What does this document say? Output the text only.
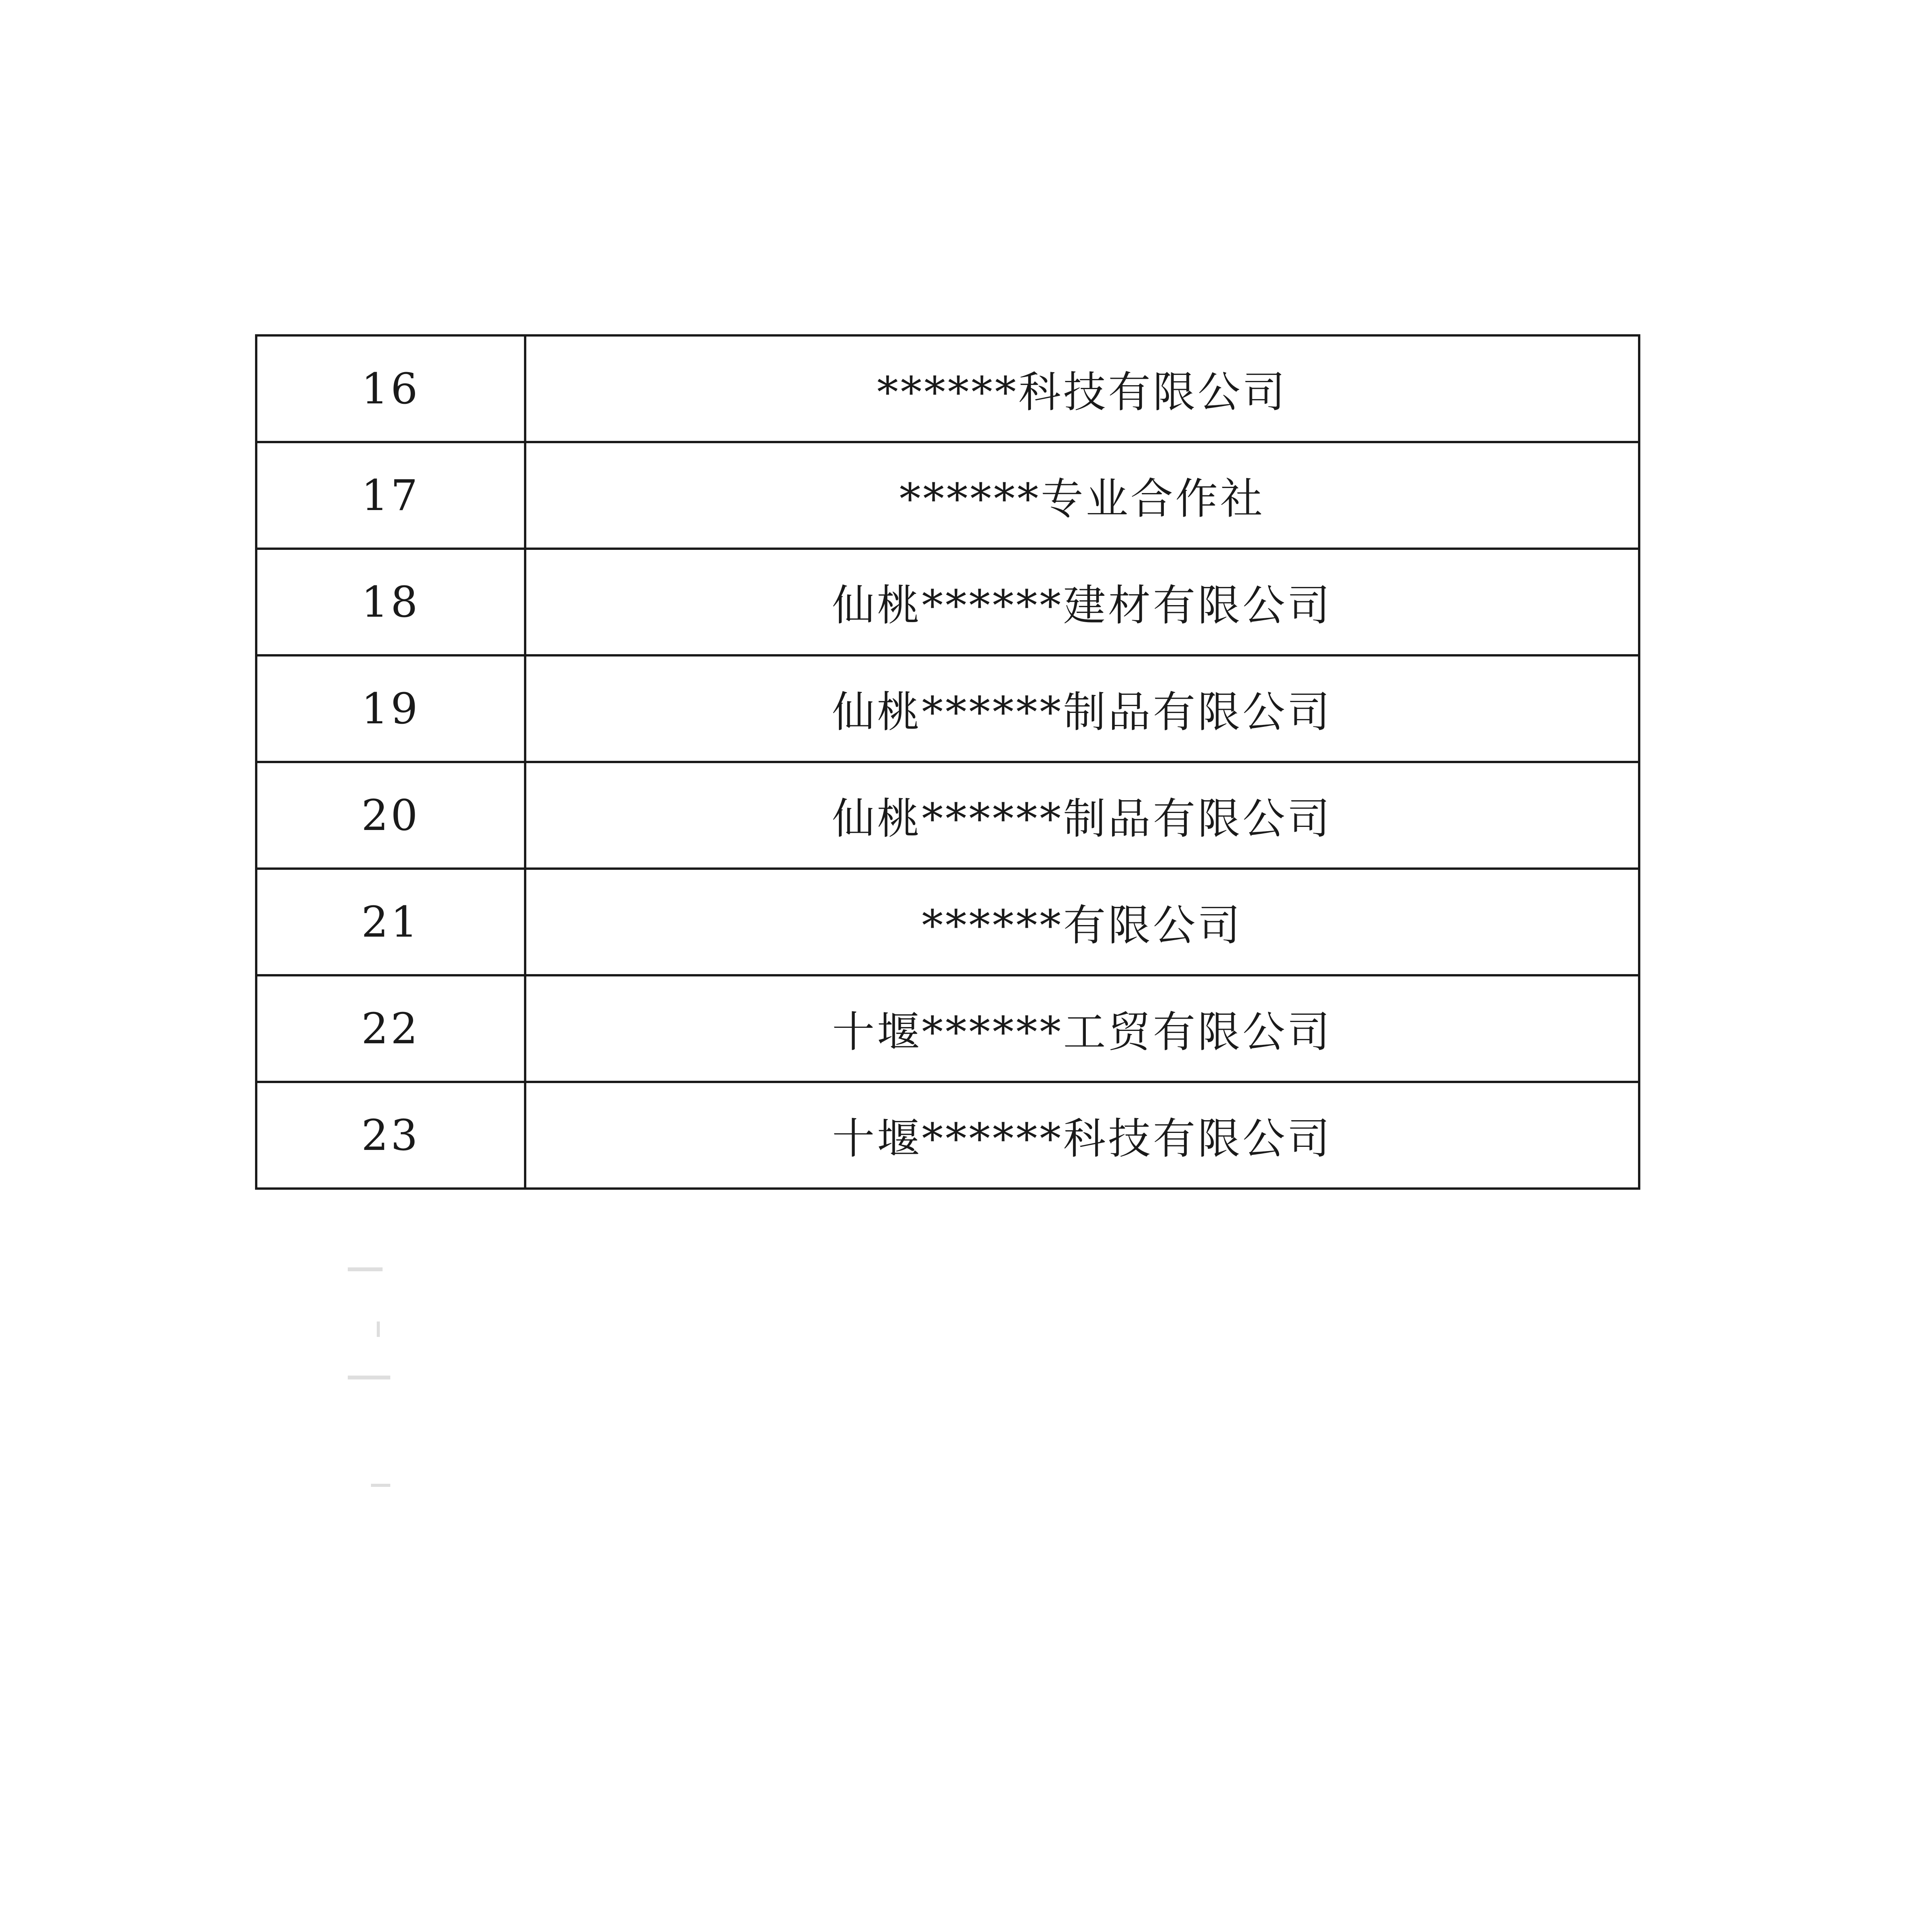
16	******科技有限公司
17	******专业合作社
18	仙桃******建材有限公司
19	仙桃******制品有限公司
20	仙桃******制品有限公司
21	******有限公司
22	十堰******工贸有限公司
23	十堰******科技有限公司
